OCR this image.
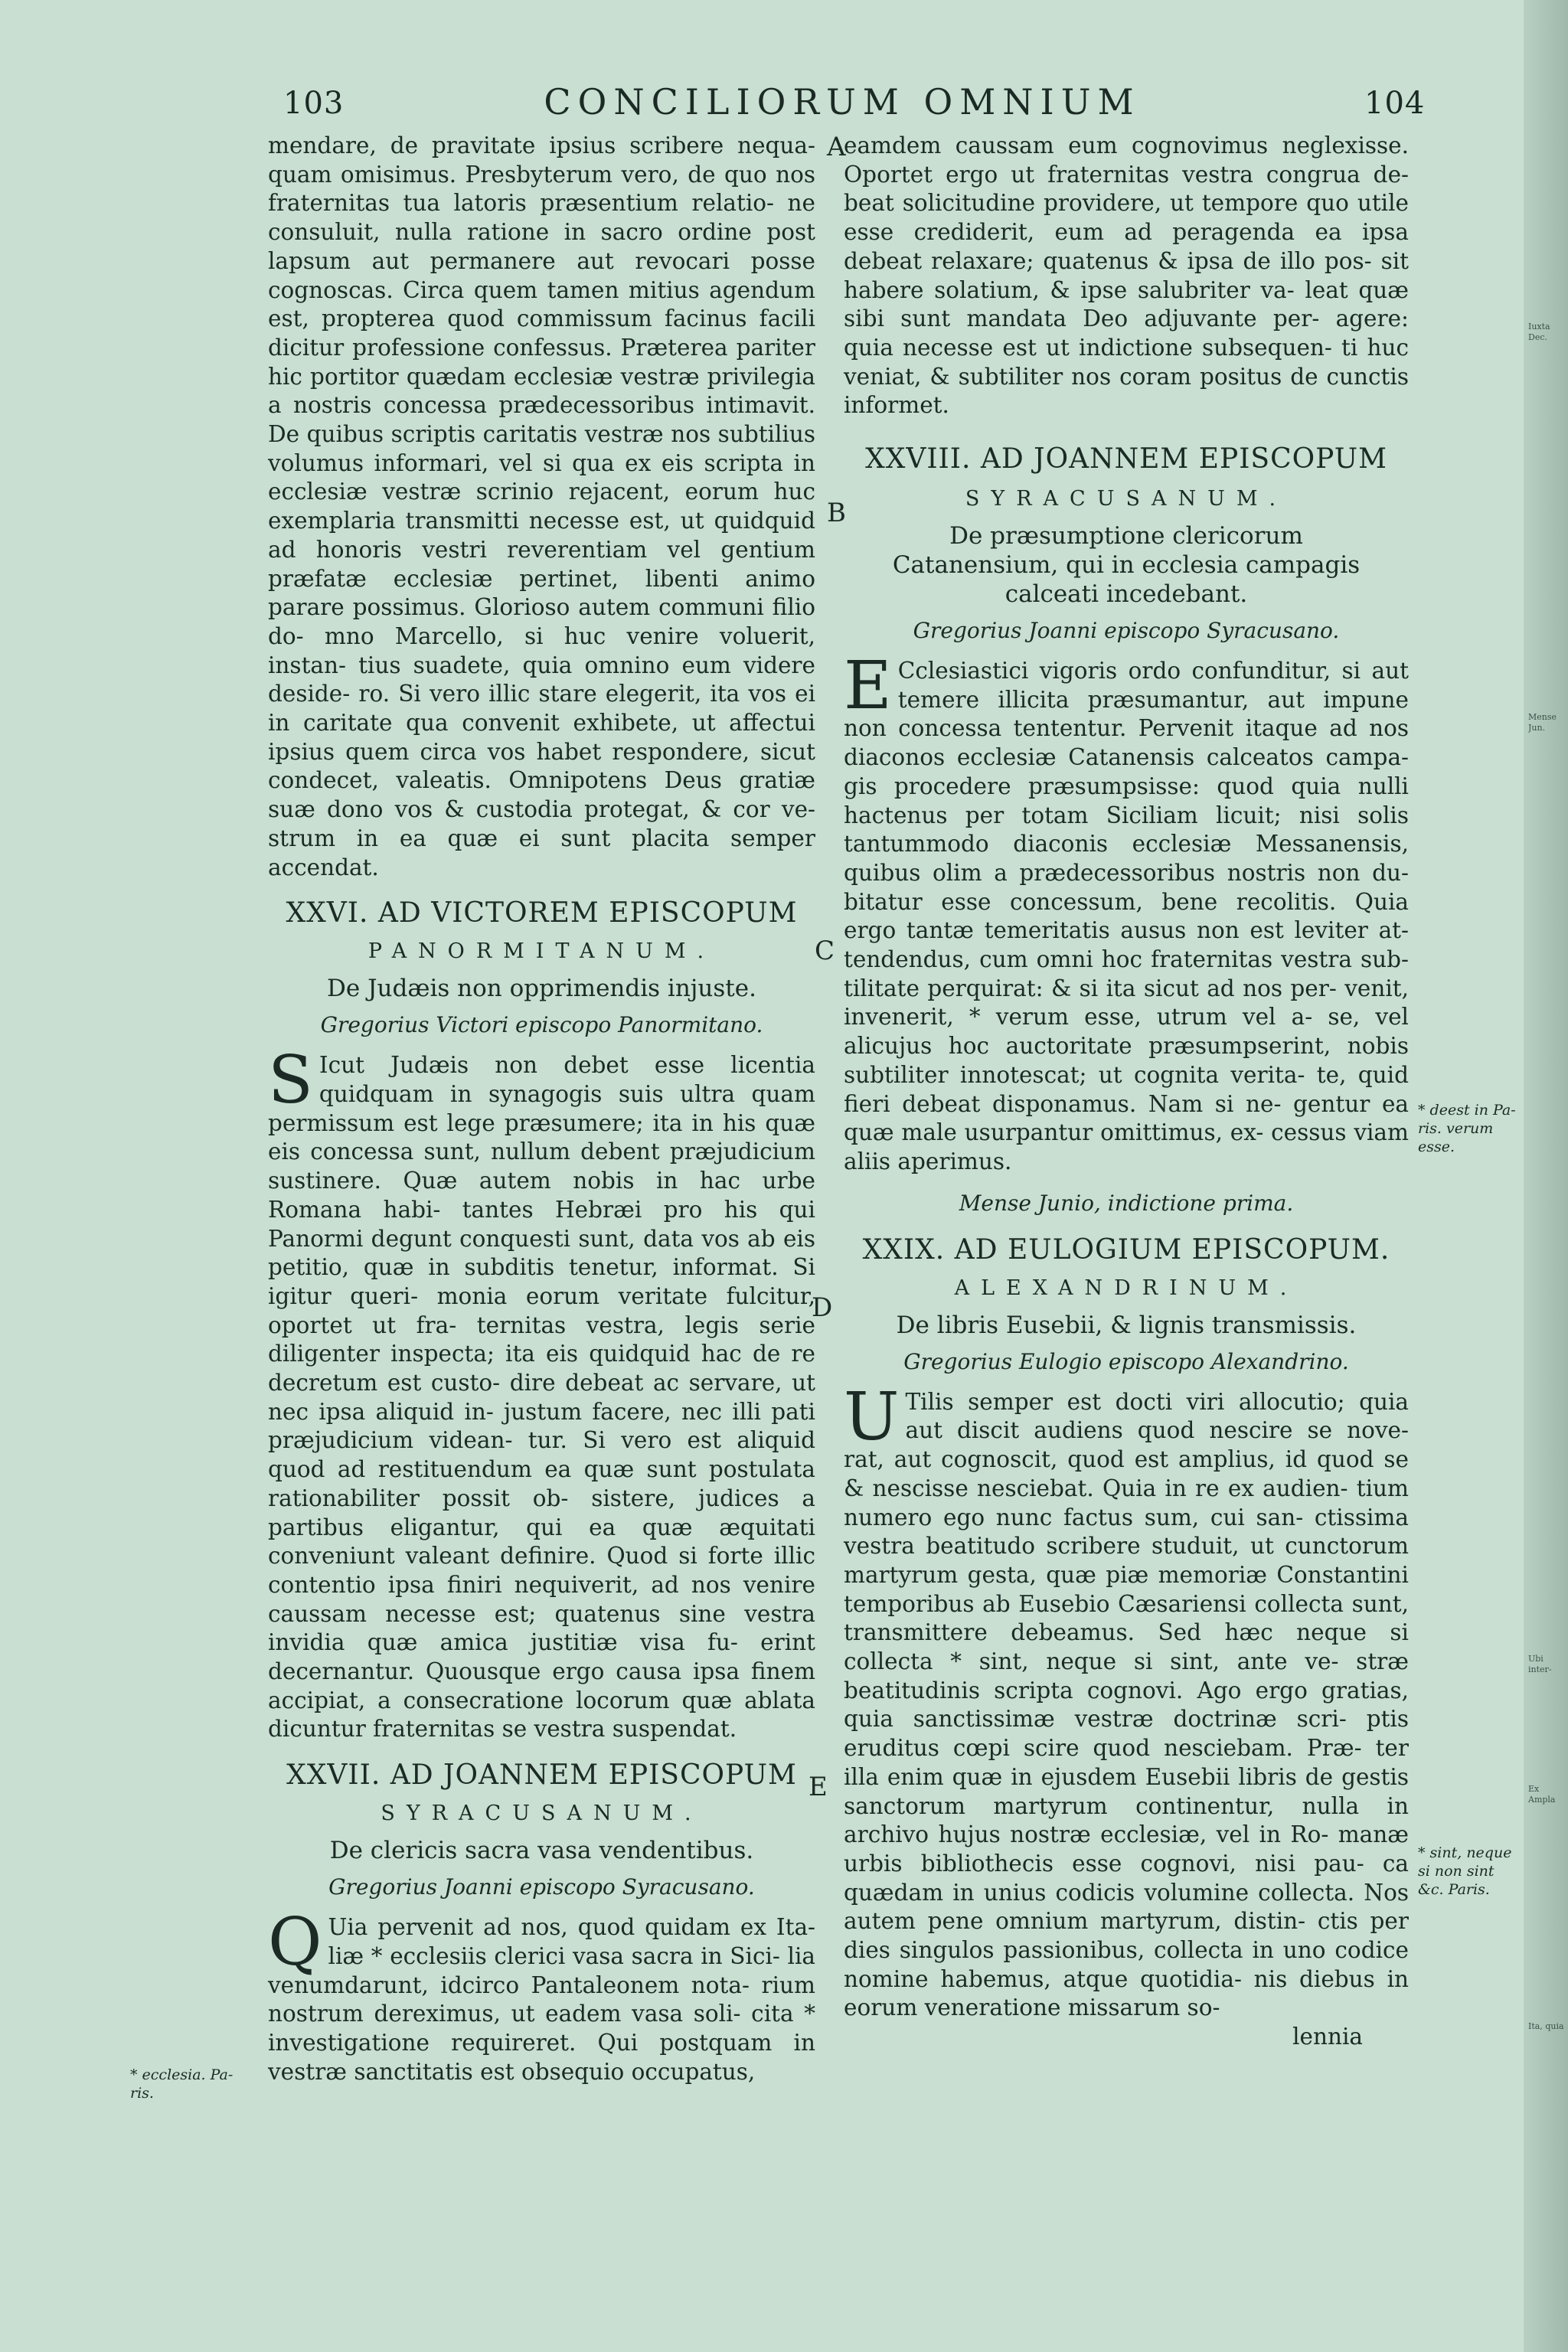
103	CONCILIORUM OMNIUM	104

mendare, de pravitate ipsius scribere nequa- quam omisimus. Presbyterum vero, de quo nos fraternitas tua latoris præsentium relatio- ne consuluit, nulla ratione in sacro ordine post lapsum aut permanere aut revocari posse cognoscas. Circa quem tamen mitius agendum est, propterea quod commissum facinus facili dicitur professione confessus. Præterea pariter hic portitor quædam ecclesiæ vestræ privilegia a nostris concessa prædecessoribus intimavit. De quibus scriptis caritatis vestræ nos subtilius volumus informari, vel si qua ex eis scripta in ecclesiæ vestræ scrinio rejacent, eorum huc exemplaria transmitti necesse est, ut quidquid ad honoris vestri reverentiam vel gentium præfatæ ecclesiæ pertinet, libenti animo parare possimus. Glorioso autem communi filio do- mno Marcello, si huc venire voluerit, instan- tius suadete, quia omnino eum videre deside- ro. Si vero illic stare elegerit, ita vos ei in caritate qua convenit exhibete, ut affectui ipsius quem circa vos habet respondere, sicut condecet, valeatis. Omnipotens Deus gratiæ suæ dono vos & custodia protegat, & cor ve- strum in ea quæ ei sunt placita semper accendat.

XXVI. AD VICTOREM EPISCOPUM

PANORMITANUM.

De Judæis non opprimendis injuste.

Gregorius Victori episcopo Panormitano.

S Icut Judæis non debet esse licentia quidquam in synagogis suis ultra quam permissum est lege præsumere; ita in his quæ eis concessa sunt, nullum debent præjudicium sustinere. Quæ autem nobis in hac urbe Romana habi- tantes Hebræi pro his qui Panormi degunt conquesti sunt, data vos ab eis petitio, quæ in subditis tenetur, informat. Si igitur queri- monia eorum veritate fulcitur, oportet ut fra- ternitas vestra, legis serie diligenter inspecta; ita eis quidquid hac de re decretum est custo- dire debeat ac servare, ut nec ipsa aliquid in- justum facere, nec illi pati præjudicium videan- tur. Si vero est aliquid quod ad restituendum ea quæ sunt postulata rationabiliter possit ob- sistere, judices a partibus eligantur, qui ea quæ æquitati conveniunt valeant definire. Quod si forte illic contentio ipsa finiri nequiverit, ad nos venire caussam necesse est; quatenus sine vestra invidia quæ amica justitiæ visa fu- erint decernantur. Quousque ergo causa ipsa finem accipiat, a consecratione locorum quæ ablata dicuntur fraternitas se vestra suspendat.

XXVII. AD JOANNEM EPISCOPUM

SYRACUSANUM.

De clericis sacra vasa vendentibus.

Gregorius Joanni episcopo Syracusano.

Q Uia pervenit ad nos, quod quidam ex Ita- liæ * ecclesiis clerici vasa sacra in Sici- lia venumdarunt, idcirco Pantaleonem nota- rium nostrum dereximus, ut eadem vasa soli- cita * investigatione requireret. Qui postquam in vestræ sanctitatis est obsequio occupatus,

eamdem caussam eum cognovimus neglexisse. Oportet ergo ut fraternitas vestra congrua de- beat solicitudine providere, ut tempore quo utile esse crediderit, eum ad peragenda ea ipsa debeat relaxare; quatenus & ipsa de illo pos- sit habere solatium, & ipse salubriter va- leat quæ sibi sunt mandata Deo adjuvante per- agere: quia necesse est ut indictione subsequen- ti huc veniat, & subtiliter nos coram positus de cunctis informet.

XXVIII. AD JOANNEM EPISCOPUM

SYRACUSANUM.

De præsumptione clericorum Catanensium, qui in ecclesia campagis calceati incedebant.

Gregorius Joanni episcopo Syracusano.

E Cclesiastici vigoris ordo confunditur, si aut temere illicita præsumantur, aut impune non concessa tententur. Pervenit itaque ad nos diaconos ecclesiæ Catanensis calceatos campa- gis procedere præsumpsisse: quod quia nulli hactenus per totam Siciliam licuit; nisi solis tantummodo diaconis ecclesiæ Messanensis, quibus olim a prædecessoribus nostris non du- bitatur esse concessum, bene recolitis. Quia ergo tantæ temeritatis ausus non est leviter at- tendendus, cum omni hoc fraternitas vestra sub- tilitate perquirat: & si ita sicut ad nos per- venit, invenerit, * verum esse, utrum vel a- se, vel alicujus hoc auctoritate præsumpserint, nobis subtiliter innotescat; ut cognita verita- te, quid fieri debeat disponamus. Nam si ne- gentur ea quæ male usurpantur omittimus, ex- cessus viam aliis aperimus.

Mense Junio, indictione prima.

XXIX. AD EULOGIUM EPISCOPUM.

ALEXANDRINUM.

De libris Eusebii, & lignis transmissis.

Gregorius Eulogio episcopo Alexandrino.

U Tilis semper est docti viri allocutio; quia aut discit audiens quod nescire se nove- rat, aut cognoscit, quod est amplius, id quod se & nescisse nesciebat. Quia in re ex audien- tium numero ego nunc factus sum, cui san- ctissima vestra beatitudo scribere studuit, ut cunctorum martyrum gesta, quæ piæ memoriæ Constantini temporibus ab Eusebio Cæsariensi collecta sunt, transmittere debeamus. Sed hæc neque si collecta * sint, neque si sint, ante ve- stræ beatitudinis scripta cognovi. Ago ergo gratias, quia sanctissimæ vestræ doctrinæ scri- ptis eruditus cœpi scire quod nesciebam. Præ- ter illa enim quæ in ejusdem Eusebii libris de gestis sanctorum martyrum continentur, nulla in archivo hujus nostræ ecclesiæ, vel in Ro- manæ urbis bibliothecis esse cognovi, nisi pau- ca quædam in unius codicis volumine collecta. Nos autem pene omnium martyrum, distin- ctis per dies singulos passionibus, collecta in uno codice nomine habemus, atque quotidia- nis diebus in eorum veneratione missarum so-

lennia

A
B
C
D
E
* ecclesia. Pa- ris.
* deest in Pa- ris. verum esse.
* sint, neque si non sint &c. Paris.
Iuxta Dec.
Mense Jun.
Ubi inter-
Ex Ampla
Ita, quia
